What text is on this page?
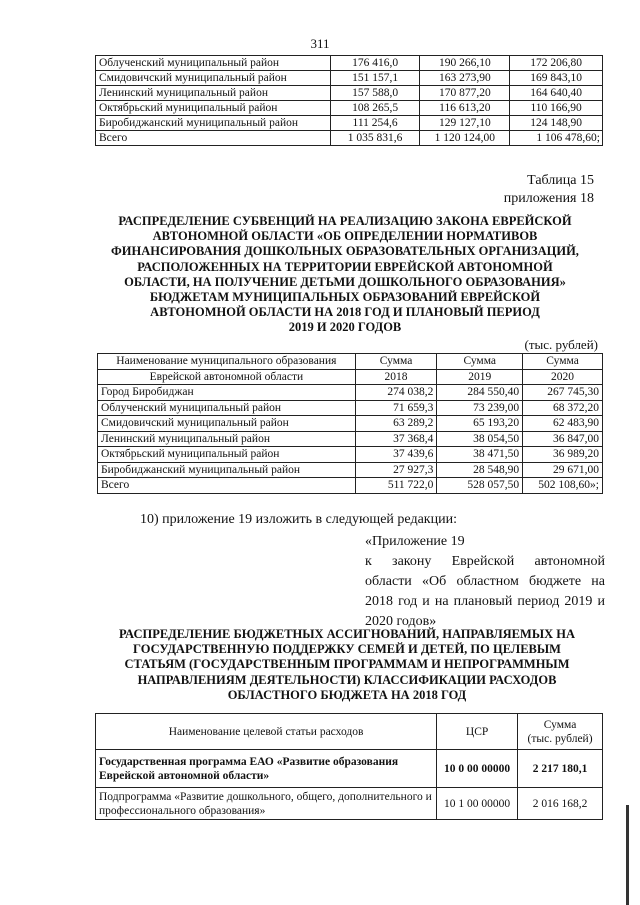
311
Облученский муниципальный район	176 416,0	190 266,10	172 206,80
Смидовичский муниципальный район	151 157,1	163 273,90	169 843,10
Ленинский муниципальный район	157 588,0	170 877,20	164 640,40
Октябрьский муниципальный район	108 265,5	116 613,20	110 166,90
Биробиджанский муниципальный район	111 254,6	129 127,10	124 148,90
Всего	1 035 831,6	1 120 124,00	1 106 478,60;
Таблица 15
приложения 18
РАСПРЕДЕЛЕНИЕ СУБВЕНЦИЙ НА РЕАЛИЗАЦИЮ ЗАКОНА ЕВРЕЙСКОЙ
АВТОНОМНОЙ ОБЛАСТИ «ОБ ОПРЕДЕЛЕНИИ НОРМАТИВОВ
ФИНАНСИРОВАНИЯ ДОШКОЛЬНЫХ ОБРАЗОВАТЕЛЬНЫХ ОРГАНИЗАЦИЙ,
РАСПОЛОЖЕННЫХ НА ТЕРРИТОРИИ ЕВРЕЙСКОЙ АВТОНОМНОЙ
ОБЛАСТИ, НА ПОЛУЧЕНИЕ ДЕТЬМИ ДОШКОЛЬНОГО ОБРАЗОВАНИЯ»
БЮДЖЕТАМ МУНИЦИПАЛЬНЫХ ОБРАЗОВАНИЙ ЕВРЕЙСКОЙ
АВТОНОМНОЙ ОБЛАСТИ НА 2018 ГОД И ПЛАНОВЫЙ ПЕРИОД
2019 И 2020 ГОДОВ
(тыс. рублей)
Наименование муниципального образования	Сумма	Сумма	Сумма
Еврейской автономной области	2018	2019	2020
Город Биробиджан	274 038,2	284 550,40	267 745,30
Облученский муниципальный район	71 659,3	73 239,00	68 372,20
Смидовичский муниципальный район	63 289,2	65 193,20	62 483,90
Ленинский муниципальный район	37 368,4	38 054,50	36 847,00
Октябрьский муниципальный район	37 439,6	38 471,50	36 989,20
Биробиджанский муниципальный район	27 927,3	28 548,90	29 671,00
Всего	511 722,0	528 057,50	502 108,60»;
10) приложение 19 изложить в следующей редакции:
«Приложение 19
к закону Еврейской автономной области «Об областном бюджете на 2018 год и на плановый период 2019 и 2020 годов»
РАСПРЕДЕЛЕНИЕ БЮДЖЕТНЫХ АССИГНОВАНИЙ, НАПРАВЛЯЕМЫХ НА
ГОСУДАРСТВЕННУЮ ПОДДЕРЖКУ СЕМЕЙ И ДЕТЕЙ, ПО ЦЕЛЕВЫМ
СТАТЬЯМ (ГОСУДАРСТВЕННЫМ ПРОГРАММАМ И НЕПРОГРАММНЫМ
НАПРАВЛЕНИЯМ ДЕЯТЕЛЬНОСТИ) КЛАССИФИКАЦИИ РАСХОДОВ
ОБЛАСТНОГО БЮДЖЕТА НА 2018 ГОД
Наименование целевой статьи расходов	ЦСР	Сумма
(тыс. рублей)

Государственная программа ЕАО «Развитие образования Еврейской автономной области»	10 0 00 00000	2 217 180,1
Подпрограмма «Развитие дошкольного, общего, дополнительного и профессионального образования»	10 1 00 00000	2 016 168,2
